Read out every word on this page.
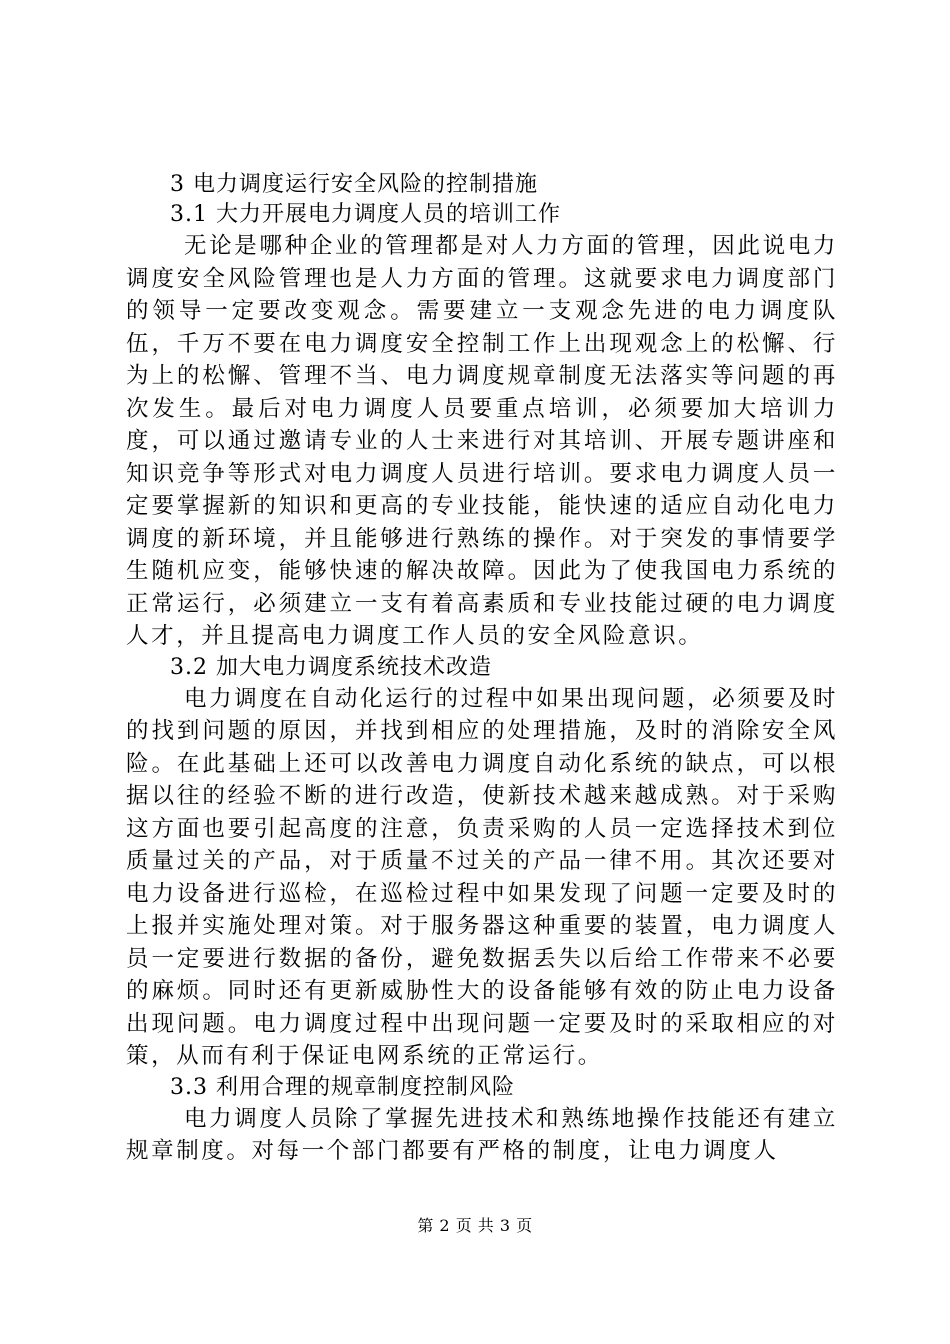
3 电力调度运行安全风险的控制措施
3.1 大力开展电力调度人员的培训工作

无论是哪种企业的管理都是对人力方面的管理，因此说电力调度安全风险管理也是人力方面的管理。这就要求电力调度部门的领导一定要改变观念。需要建立一支观念先进的电力调度队伍，千万不要在电力调度安全控制工作上出现观念上的松懈、行为上的松懈、管理不当、电力调度规章制度无法落实等问题的再次发生。最后对电力调度人员要重点培训，必须要加大培训力度，可以通过邀请专业的人士来进行对其培训、开展专题讲座和知识竞争等形式对电力调度人员进行培训。要求电力调度人员一定要掌握新的知识和更高的专业技能，能快速的适应自动化电力调度的新环境，并且能够进行熟练的操作。对于突发的事情要学生随机应变，能够快速的解决故障。因此为了使我国电力系统的正常运行，必须建立一支有着高素质和专业技能过硬的电力调度人才，并且提高电力调度工作人员的安全风险意识。

3.2 加大电力调度系统技术改造

电力调度在自动化运行的过程中如果出现问题，必须要及时的找到问题的原因，并找到相应的处理措施，及时的消除安全风险。在此基础上还可以改善电力调度自动化系统的缺点，可以根据以往的经验不断的进行改造，使新技术越来越成熟。对于采购这方面也要引起高度的注意，负责采购的人员一定选择技术到位质量过关的产品，对于质量不过关的产品一律不用。其次还要对电力设备进行巡检，在巡检过程中如果发现了问题一定要及时的上报并实施处理对策。对于服务器这种重要的装置，电力调度人员一定要进行数据的备份，避免数据丢失以后给工作带来不必要的麻烦。同时还有更新威胁性大的设备能够有效的防止电力设备出现问题。电力调度过程中出现问题一定要及时的采取相应的对策，从而有利于保证电网系统的正常运行。

3.3 利用合理的规章制度控制风险

电力调度人员除了掌握先进技术和熟练地操作技能还有建立规章制度。对每一个部门都要有严格的制度，让电力调度人

第 2 页 共 3 页
